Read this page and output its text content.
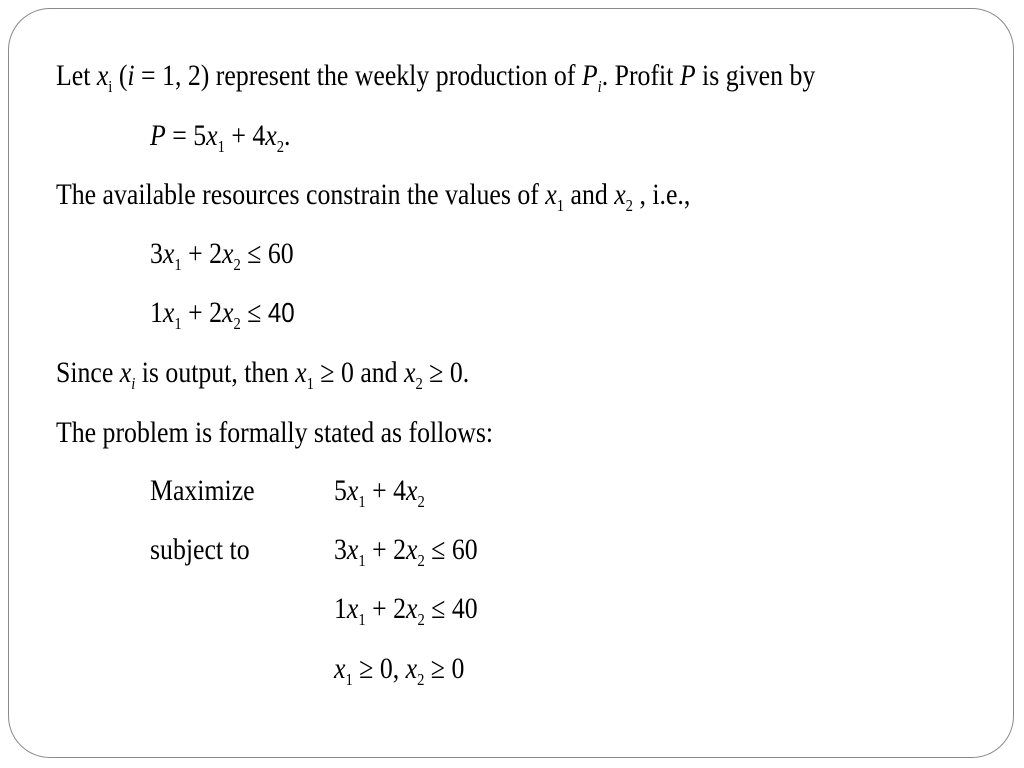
Let $x_i$ (i = 1, 2) represent the weekly production of $P_i$. Profit P is given by
$P = 5x_1 + 4x_2$.
The available resources constrain the values of $x_1$ and $x_2$ , i.e.,
$3x_1 + 2x_2 \le 60$
$1x_1 + 2x_2 \le 40$
Since $x_i$ is output, then $x_1 \ge 0$ and $x_2 \ge 0$.
The problem is formally stated as follows:
Maximize	$5x_1 + 4x_2$
subject to	$3x_1 + 2x_2 \le 60$
$1x_1 + 2x_2 \le 40$
$x_1 \ge 0$, $x_2 \ge 0$
